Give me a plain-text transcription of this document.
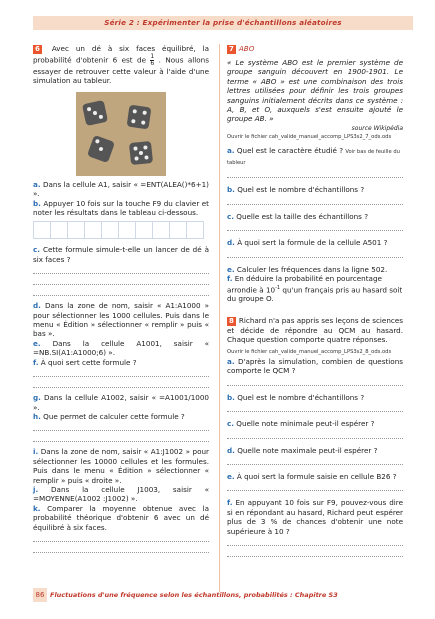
Série 2 : Expérimenter la prise d'échantillons aléatoires

6 Avec un dé à six faces équilibré, la probabilité d'obtenir 6 est de $\frac{1}{6}$ . Nous allons essayer de retrouver cette valeur à l'aide d'une simulation au tableur.

a. Dans la cellule A1, saisir « =ENT(ALEA()*6+1) ».

b. Appuyer 10 fois sur la touche F9 du clavier et noter les résultats dans le tableau ci-dessous.

c. Cette formule simule-t-elle un lancer de dé à six faces ?

d. Dans la zone de nom, saisir « A1:A1000 » pour sélectionner les 1000 cellules. Puis dans le menu « Édition » sélectionner « remplir » puis « bas ».

e. Dans la cellule A1001, saisir « =NB.SI(A1:A1000;6) ».

f. À quoi sert cette formule ?

g. Dans la cellule A1002, saisir « =A1001/1000 ».

h. Que permet de calculer cette formule ?

i. Dans la zone de nom, saisir « A1:J1002 » pour sélectionner les 10000 cellules et les formules. Puis dans le menu « Édition » sélectionner « remplir » puis « droite ».

j. Dans la cellule J1003, saisir « =MOYENNE(A1002 :J1002) ».

k. Comparer la moyenne obtenue avec la probabilité théorique d'obtenir 6 avec un dé équilibré à six faces.

7 ABO

« Le système ABO est le premier système de groupe sanguin découvert en 1900-1901. Le terme « ABO » est une combinaison des trois lettres utilisées pour définir les trois groupes sanguins initialement décrits dans ce système : A, B, et O, auxquels s'est ensuite ajouté le groupe AB. »

source Wikipédia

Ouvrir le fichier cah_valide_manuel_accomp_LPS3s2_7_ods.ods

a. Quel est le caractère étudié ? Voir bas de feuille du tableur

b. Quel est le nombre d'échantillons ?

c. Quelle est la taille des échantillons ?

d. À quoi sert la formule de la cellule A501 ?

e. Calculer les fréquences dans la ligne 502.

f. En déduire la probabilité en pourcentage arrondie à $10^{-1}$ qu'un français pris au hasard soit du groupe O.

8 Richard n'a pas appris ses leçons de sciences et décide de répondre au QCM au hasard. Chaque question comporte quatre réponses.

Ouvrir le fichier cah_valide_manuel_accomp_LPS3s2_8_ods.ods

a. D'après la simulation, combien de questions comporte le QCM ?

b. Quel est le nombre d'échantillons ?

c. Quelle note minimale peut-il espérer ?

d. Quelle note maximale peut-il espérer ?

e. À quoi sert la formule saisie en cellule B26 ?

f. En appuyant 10 fois sur F9, pouvez-vous dire si en répondant au hasard, Richard peut espérer plus de 3 % de chances d'obtenir une note supérieure à 10 ?

86 Fluctuations d'une fréquence selon les échantillons, probabilités : Chapitre S3
